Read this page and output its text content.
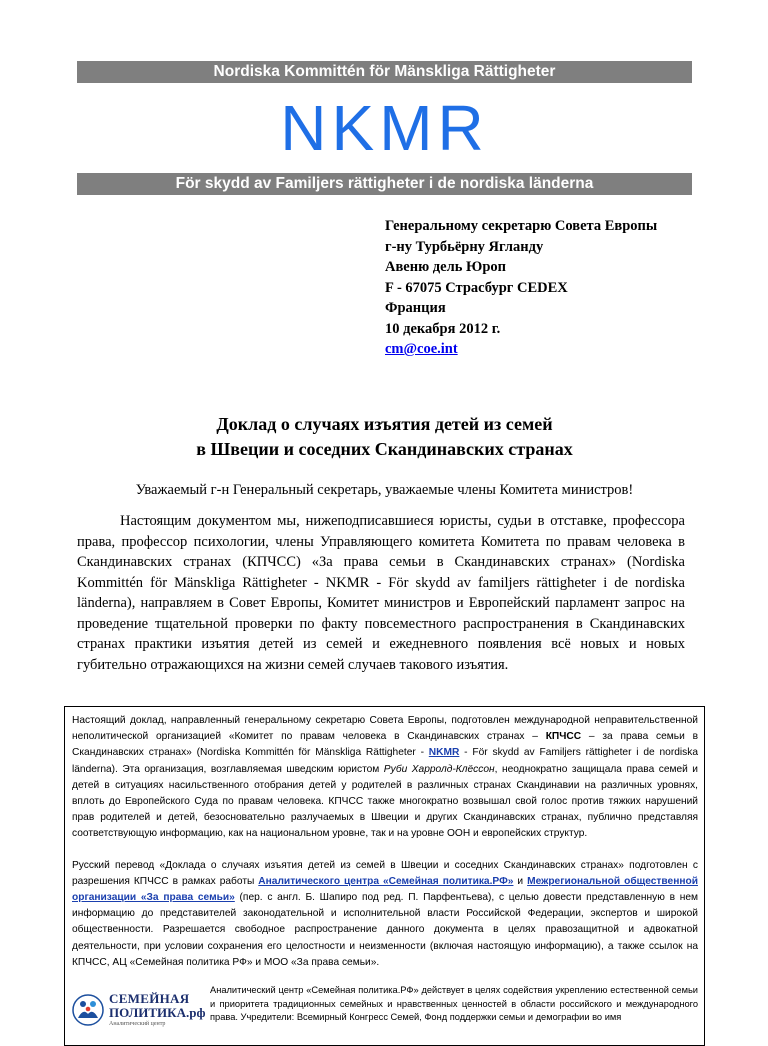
Nordiska Kommittén för Mänskliga Rättigheter
NKMR
För skydd av Familjers rättigheter i de nordiska länderna
Генеральному секретарю Совета Европы
г-ну Турбьёрну Ягланду
Авеню дель Юроп
F - 67075 Страсбург CEDEX
Франция
10 декабря 2012 г.
cm@coe.int
Доклад о случаях изъятия детей из семей
в Швеции и соседних Скандинавских странах
Уважаемый г-н Генеральный секретарь, уважаемые члены Комитета министров!
Настоящим документом мы, нижеподписавшиеся юристы, судьи в отставке, профессора права, профессор психологии, члены Управляющего комитета Комитета по правам человека в Скандинавских странах (КПЧСС) «За права семьи в Скандинавских странах» (Nordiska Kommittén för Mänskliga Rättigheter - NKMR - För skydd av familjers rättigheter i de nordiska länderna), направляем в Совет Европы, Комитет министров и Европейский парламент запрос на проведение тщательной проверки по факту повсеместного распространения в Скандинавских странах практики изъятия детей из семей и ежедневного появления всё новых и новых губительно отражающихся на жизни семей случаев такового изъятия.

Настоящий доклад, направленный генеральному секретарю Совета Европы, подготовлен международной неправительственной неполитической организацией «Комитет по правам человека в Скандинавских странах – КПЧСС – за права семьи в Скандинавских странах» (Nordiska Kommittén för Mänskliga Rättigheter - NKMR - För skydd av Familjers rättigheter i de nordiska länderna). Эта организация, возглавляемая шведским юристом Руби Харролд-Клёссон, неоднократно защищала права семей и детей в ситуациях насильственного отобрания детей у родителей в различных странах Скандинавии на различных уровнях, вплоть до Европейского Суда по правам человека. КПЧСС также многократно возвышал свой голос против тяжких нарушений прав родителей и детей, безосновательно разлучаемых в Швеции и других Скандинавских странах, публично представляя соответствующую информацию, как на национальном уровне, так и на уровне ООН и европейских структур.

Русский перевод «Доклада о случаях изъятия детей из семей в Швеции и соседних Скандинавских странах» подготовлен с разрешения КПЧСС в рамках работы Аналитического центра «Семейная политика.РФ» и Межрегиональной общественной организации «За права семьи» (пер. с англ. Б. Шапиро под ред. П. Парфентьева), с целью довести представленную в нем информацию до представителей законодательной и исполнительной власти Российской Федерации, экспертов и широкой общественности. Разрешается свободное распространение данного документа в целях правозащитной и адвокатной деятельности, при условии сохранения его целостности и неизменности (включая настоящую информацию), а также ссылок на КПЧСС, АЦ «Семейная политика РФ» и МОО «За права семьи».

СЕМЕЙНАЯ
ПОЛИТИКА.рф
Аналитический центр
Аналитический центр «Семейная политика.РФ» действует в целях содействия укреплению естественной семьи и приоритета традиционных семейных и нравственных ценностей в области российского и международного права. Учредители: Всемирный Конгресс Семей, Фонд поддержки семьи и демографии во имя
